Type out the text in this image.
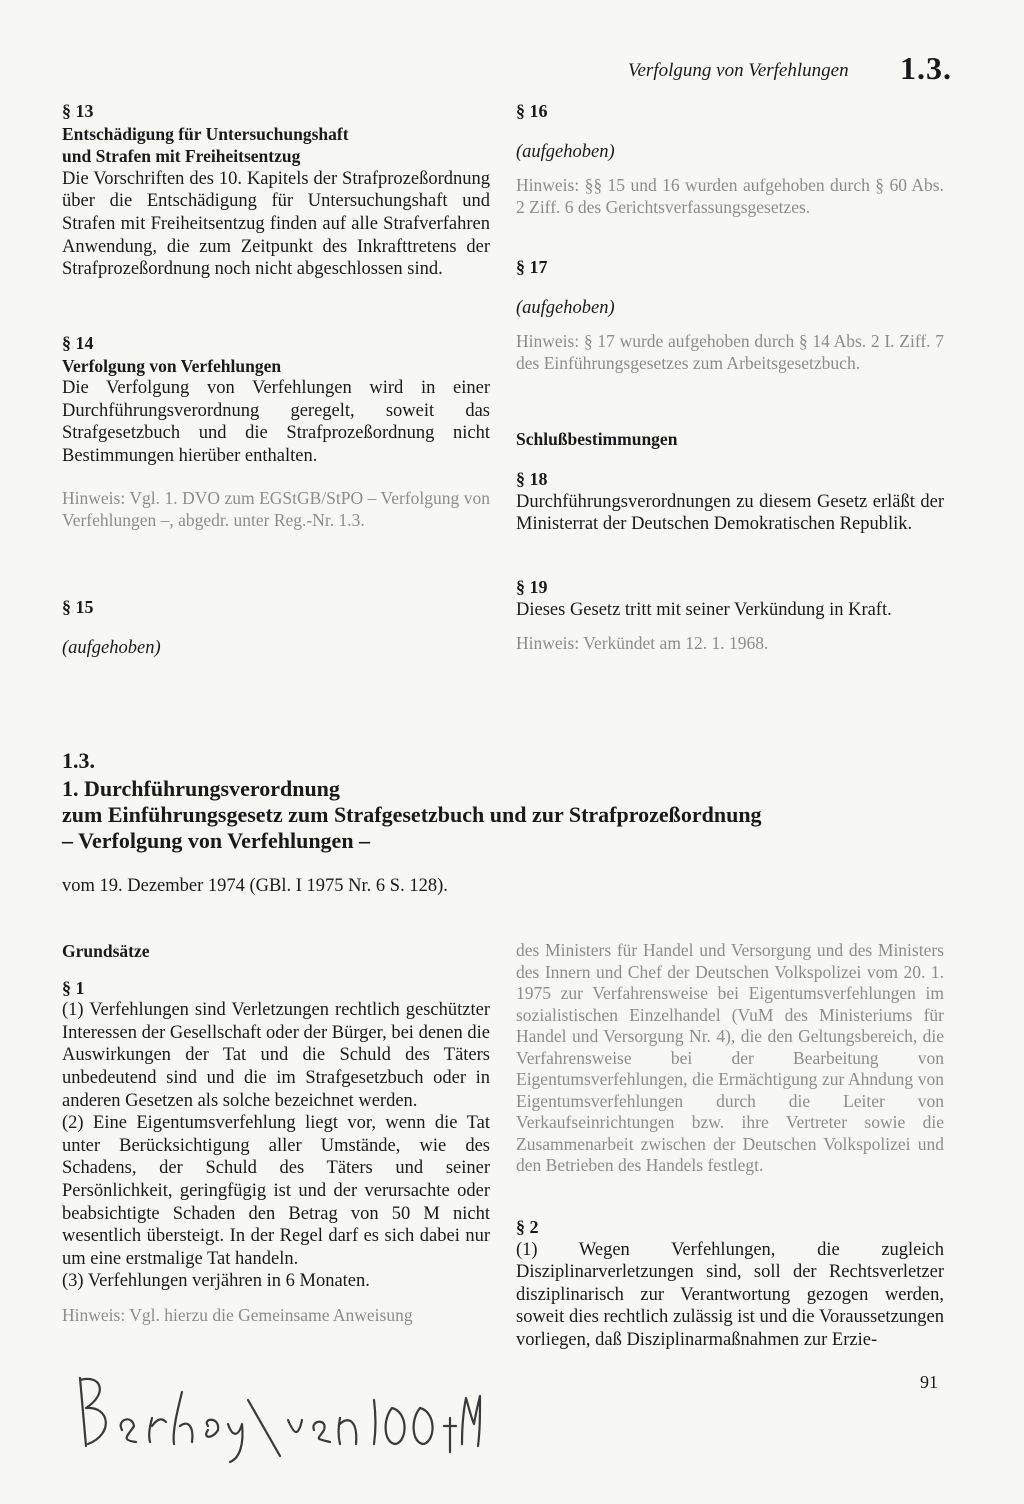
Verfolgung von Verfehlungen 1.3.
§ 13
Entschädigung für Untersuchungshaft
und Strafen mit Freiheitsentzug
Die Vorschriften des 10. Kapitels der Strafprozeßordnung über die Entschädigung für Untersuchungshaft und Strafen mit Freiheitsentzug finden auf alle Strafverfahren Anwendung, die zum Zeitpunkt des Inkrafttretens der Strafprozeßordnung noch nicht abgeschlossen sind.
§ 14
Verfolgung von Verfehlungen
Die Verfolgung von Verfehlungen wird in einer Durchführungsverordnung geregelt, soweit das Strafgesetzbuch und die Strafprozeßordnung nicht Bestimmungen hierüber enthalten.
Hinweis: Vgl. 1. DVO zum EGStGB/StPO – Verfolgung von Verfehlungen –, abgedr. unter Reg.-Nr. 1.3.
§ 15
(aufgehoben)
§ 16
(aufgehoben)
Hinweis: §§ 15 und 16 wurden aufgehoben durch § 60 Abs. 2 Ziff. 6 des Gerichtsverfassungsgesetzes.
§ 17
(aufgehoben)
Hinweis: § 17 wurde aufgehoben durch § 14 Abs. 2 I. Ziff. 7 des Einführungsgesetzes zum Arbeitsgesetzbuch.
Schlußbestimmungen
§ 18
Durchführungsverordnungen zu diesem Gesetz erläßt der Ministerrat der Deutschen Demokratischen Republik.
§ 19
Dieses Gesetz tritt mit seiner Verkündung in Kraft.
Hinweis: Verkündet am 12. 1. 1968.
1.3.
1. Durchführungsverordnung
zum Einführungsgesetz zum Strafgesetzbuch und zur Strafprozeßordnung
– Verfolgung von Verfehlungen –
vom 19. Dezember 1974 (GBl. I 1975 Nr. 6 S. 128).
Grundsätze
§ 1
(1) Verfehlungen sind Verletzungen rechtlich geschützter Interessen der Gesellschaft oder der Bürger, bei denen die Auswirkungen der Tat und die Schuld des Täters unbedeutend sind und die im Strafgesetzbuch oder in anderen Gesetzen als solche bezeichnet werden.
(2) Eine Eigentumsverfehlung liegt vor, wenn die Tat unter Berücksichtigung aller Umstände, wie des Schadens, der Schuld des Täters und seiner Persönlichkeit, geringfügig ist und der verursachte oder beabsichtigte Schaden den Betrag von 50 M nicht wesentlich übersteigt. In der Regel darf es sich dabei nur um eine erstmalige Tat handeln.
(3) Verfehlungen verjähren in 6 Monaten.
Hinweis: Vgl. hierzu die Gemeinsame Anweisung
des Ministers für Handel und Versorgung und des Ministers des Innern und Chef der Deutschen Volkspolizei vom 20. 1. 1975 zur Verfahrensweise bei Eigentumsverfehlungen im sozialistischen Einzelhandel (VuM des Ministeriums für Handel und Versorgung Nr. 4), die den Geltungsbereich, die Verfahrensweise bei der Bearbeitung von Eigentumsverfehlungen, die Ermächtigung zur Ahndung von Eigentumsverfehlungen durch die Leiter von Verkaufseinrichtungen bzw. ihre Vertreter sowie die Zusammenarbeit zwischen der Deutschen Volkspolizei und den Betrieben des Handels festlegt.
§ 2
(1) Wegen Verfehlungen, die zugleich Disziplinarverletzungen sind, soll der Rechtsverletzer disziplinarisch zur Verantwortung gezogen werden, soweit dies rechtlich zulässig ist und die Voraussetzungen vorliegen, daß Disziplinarmaßnahmen zur Erzie-
91
